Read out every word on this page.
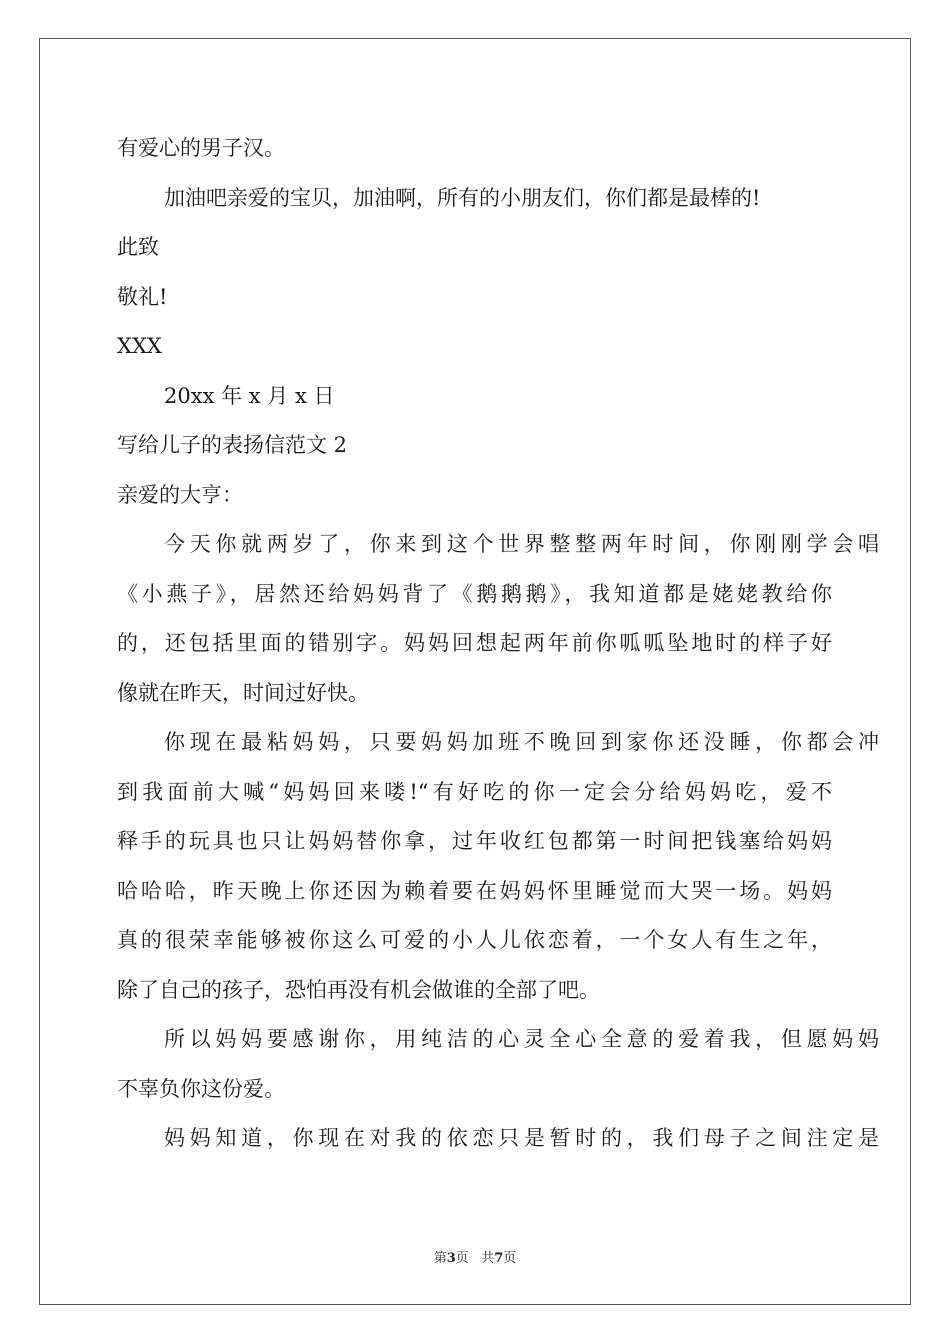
有爱心的男子汉。
加油吧亲爱的宝贝，加油啊，所有的小朋友们，你们都是最棒的!
此致
敬礼!
XXX
20xx 年 x 月 x 日
写给儿子的表扬信范文 2
亲爱的大亨：
今天你就两岁了，你来到这个世界整整两年时间，你刚刚学会唱
《小燕子》，居然还给妈妈背了《鹅鹅鹅》，我知道都是姥姥教给你
的，还包括里面的错别字。妈妈回想起两年前你呱呱坠地时的样子好
像就在昨天，时间过好快。
你现在最粘妈妈，只要妈妈加班不晚回到家你还没睡，你都会冲
到我面前大喊“妈妈回来喽!“有好吃的你一定会分给妈妈吃，爱不
释手的玩具也只让妈妈替你拿，过年收红包都第一时间把钱塞给妈妈
哈哈哈，昨天晚上你还因为赖着要在妈妈怀里睡觉而大哭一场。妈妈
真的很荣幸能够被你这么可爱的小人儿依恋着，一个女人有生之年，
除了自己的孩子，恐怕再没有机会做谁的全部了吧。
所以妈妈要感谢你，用纯洁的心灵全心全意的爱着我，但愿妈妈
不辜负你这份爱。
妈妈知道，你现在对我的依恋只是暂时的，我们母子之间注定是
第3页 共7页
